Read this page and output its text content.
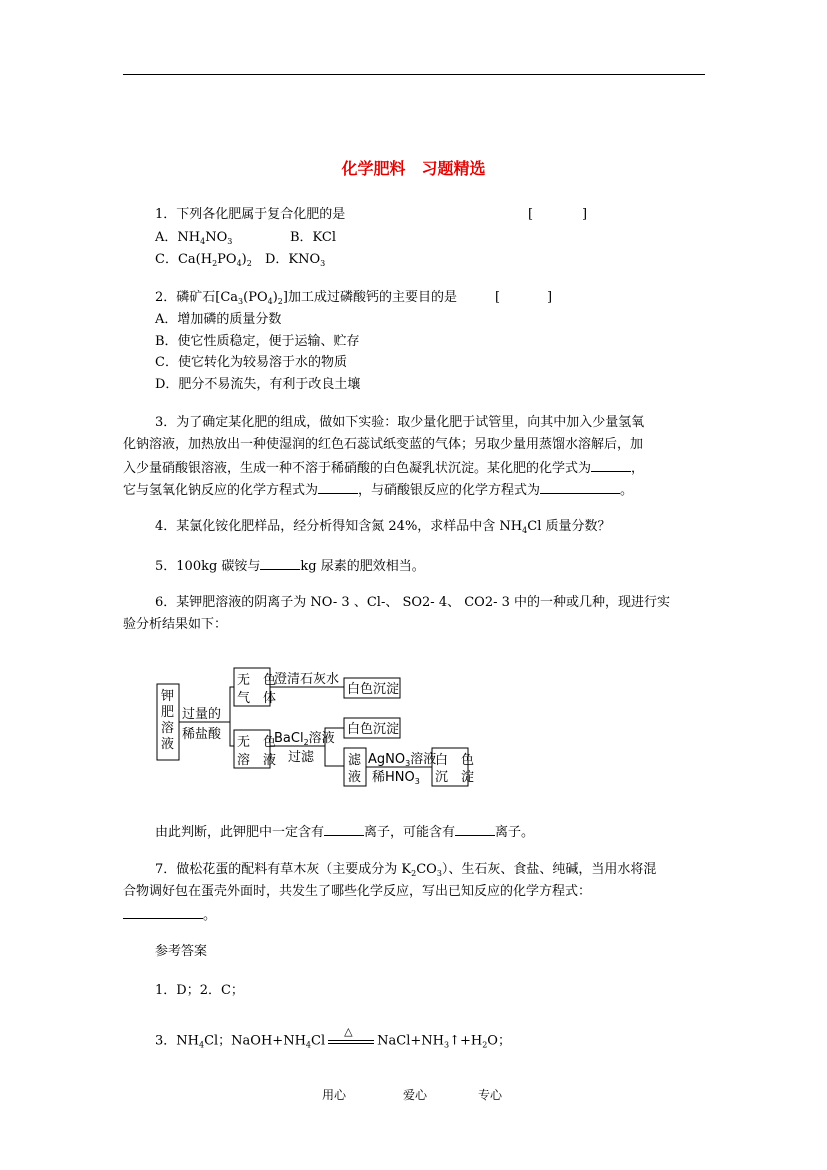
化学肥料　习题精选
1．下列各化肥属于复合化肥的是	[	]
A．$NH_4NO_3$	B．KCl
C．$Ca(H_2PO_4)_2$ D．$KNO_3$
2．磷矿石$[Ca_3(PO_4)_2]$加工成过磷酸钙的主要目的是	[	]
A．增加磷的质量分数
B．使它性质稳定，便于运输、贮存
C．使它转化为较易溶于水的物质
D．肥分不易流失，有利于改良土壤
3．为了确定某化肥的组成，做如下实验：取少量化肥于试管里，向其中加入少量氢氧
化钠溶液，加热放出一种使湿润的红色石蕊试纸变蓝的气体；另取少量用蒸馏水溶解后，加
入少量硝酸银溶液，生成一种不溶于稀硝酸的白色凝乳状沉淀。某化肥的化学式为	，
它与氢氧化钠反应的化学方程式为	，与硝酸银反应的化学方程式为	。
4．某氯化铵化肥样品，经分析得知含氮 24%，求样品中含 $NH_4Cl$ 质量分数？
5．100kg 碳铵与	kg 尿素的肥效相当。
6．某钾肥溶液的阴离子为 NO- 3 、Cl-、 SO2- 4、 CO2- 3 中的一种或几种，现进行实
验分析结果如下：
钾
肥
溶
液
过量的
稀盐酸
无　色
气　体
澄清石灰水
白色沉淀
无　色
溶　液
BaCl$_2$溶液
过滤
白色沉淀
滤
液
AgNO$_3$溶液
稀$HNO_3$
白　色
沉　淀
由此判断，此钾肥中一定含有	离子，可能含有	离子。
7．做松花蛋的配料有草木灰（主要成分为 $K_2CO_3$）、生石灰、食盐、纯碱，当用水将混
合物调好包在蛋壳外面时，共发生了哪些化学反应，写出已知反应的化学方程式：
。
参考答案
1．D；2．C；
3．$NH_4Cl$；$NaOH+NH_4Cl$
△
$NaCl+NH_3↑+H_2O$；
用心	爱心	专心
